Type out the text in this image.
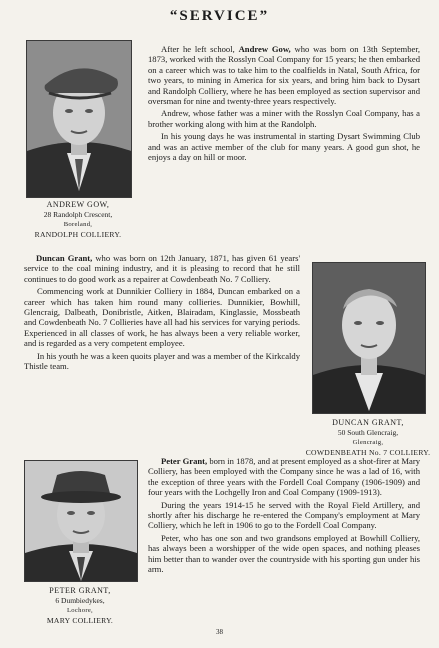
“SERVICE”
ANDREW GOW,
28 Randolph Crescent,
Boreland,
RANDOLPH COLLIERY.

After he left school, Andrew Gow, who was born on 13th September, 1873, worked with the Rosslyn Coal Company for 15 years; he then embarked on a career which was to take him to the coalfields in Natal, South Africa, for two years, to mining in America for six years, and bring him back to Dysart and Randolph Colliery, where he has been employed as section supervisor and oversman for nine and twenty-three years respectively.

Andrew, whose father was a miner with the Rosslyn Coal Company, has a brother working along with him at the Randolph.

In his young days he was instrumental in starting Dysart Swimming Club and was an active member of the club for many years. A good gun shot, he enjoys a day on hill or moor.

Duncan Grant, who was born on 12th January, 1871, has given 61 years' service to the coal mining industry, and it is pleasing to record that he still continues to do good work as a repairer at Cowdenbeath No. 7 Colliery.

Commencing work at Dunnikier Colliery in 1884, Duncan embarked on a career which has taken him round many collieries. Dunnikier, Bowhill, Glencraig, Dalbeath, Donibristle, Aitken, Blairadam, Kinglassie, Mossbeath and Cowdenbeath No. 7 Collieries have all had his services for varying periods. Experienced in all classes of work, he has always been a very reliable worker, and is regarded as a very competent employee.

In his youth he was a keen quoits player and was a member of the Kirkcaldy Thistle team.

DUNCAN GRANT,
50 South Glencraig,
Glencraig,
COWDENBEATH No. 7 COLLIERY.
PETER GRANT,
6 Dumbiedykes,
Lochore,
MARY COLLIERY.

Peter Grant, born in 1878, and at present employed as a shot-firer at Mary Colliery, has been employed with the Company since he was a lad of 16, with the exception of three years with the Fordell Coal Company (1906-1909) and four years with the Lochgelly Iron and Coal Company (1909-1913).

During the years 1914-15 he served with the Royal Field Artillery, and shortly after his discharge he re-entered the Company's employment at Mary Colliery, which he left in 1906 to go to the Fordell Coal Company.

Peter, who has one son and two grandsons employed at Bowhill Colliery, has always been a worshipper of the wide open spaces, and nothing pleases him better than to wander over the countryside with his sporting gun under his arm.

38
